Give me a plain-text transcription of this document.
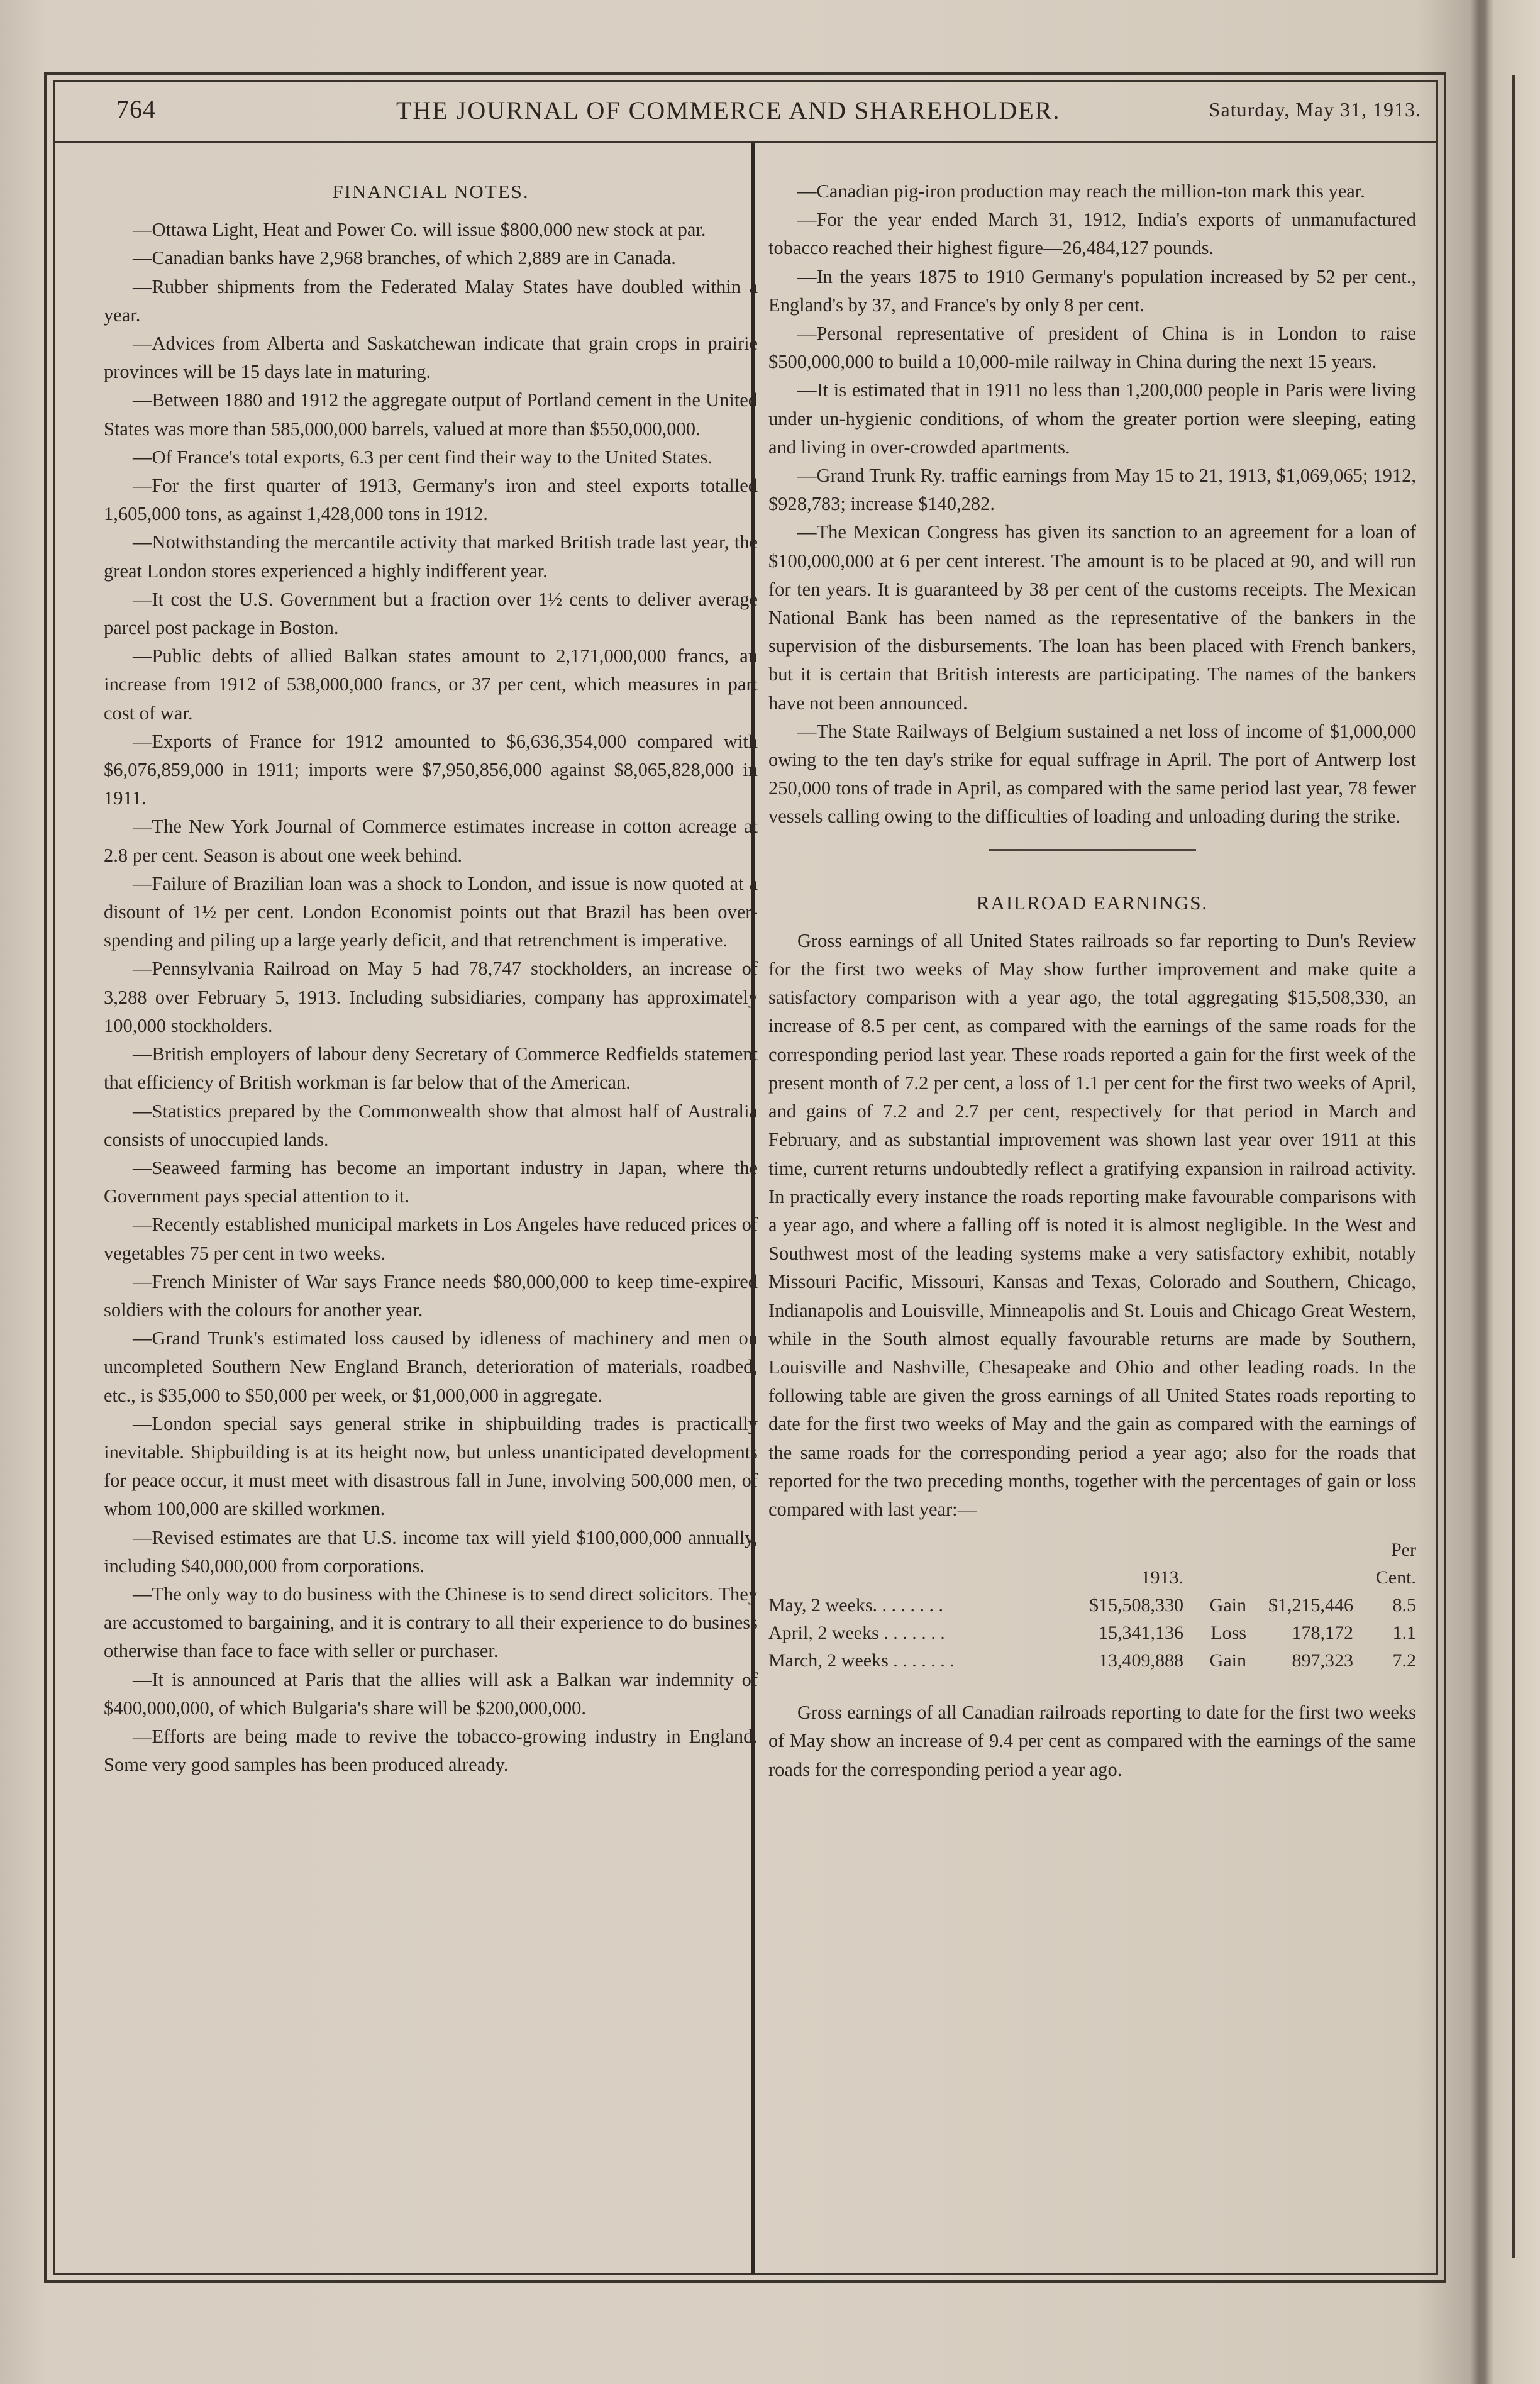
764	THE JOURNAL OF COMMERCE AND SHAREHOLDER.	Saturday, May 31, 1913.
FINANCIAL NOTES.

—Ottawa Light, Heat and Power Co. will issue $800,000 new stock at par.

—Canadian banks have 2,968 branches, of which 2,889 are in Canada.

—Rubber shipments from the Federated Malay States have doubled within a year.

—Advices from Alberta and Saskatchewan indicate that grain crops in prairie provinces will be 15 days late in maturing.

—Between 1880 and 1912 the aggregate output of Portland cement in the United States was more than 585,000,000 barrels, valued at more than $550,000,000.

—Of France's total exports, 6.3 per cent find their way to the United States.

—For the first quarter of 1913, Germany's iron and steel exports totalled 1,605,000 tons, as against 1,428,000 tons in 1912.

—Notwithstanding the mercantile activity that marked British trade last year, the great London stores experienced a highly indifferent year.

—It cost the U.S. Government but a fraction over 1½ cents to deliver average parcel post package in Boston.

—Public debts of allied Balkan states amount to 2,171,000,000 francs, an increase from 1912 of 538,000,000 francs, or 37 per cent, which measures in part cost of war.

—Exports of France for 1912 amounted to $6,636,354,000 compared with $6,076,859,000 in 1911; imports were $7,950,856,000 against $8,065,828,000 in 1911.

—The New York Journal of Commerce estimates increase in cotton acreage at 2.8 per cent. Season is about one week behind.

—Failure of Brazilian loan was a shock to London, and issue is now quoted at a disount of 1½ per cent. London Economist points out that Brazil has been over-spending and piling up a large yearly deficit, and that retrenchment is imperative.

—Pennsylvania Railroad on May 5 had 78,747 stockholders, an increase of 3,288 over February 5, 1913. Including subsidiaries, company has approximately 100,000 stockholders.

—British employers of labour deny Secretary of Commerce Redfields statement that efficiency of British workman is far below that of the American.

—Statistics prepared by the Commonwealth show that almost half of Australia consists of unoccupied lands.

—Seaweed farming has become an important industry in Japan, where the Government pays special attention to it.

—Recently established municipal markets in Los Angeles have reduced prices of vegetables 75 per cent in two weeks.

—French Minister of War says France needs $80,000,000 to keep time-expired soldiers with the colours for another year.

—Grand Trunk's estimated loss caused by idleness of machinery and men on uncompleted Southern New England Branch, deterioration of materials, roadbed, etc., is $35,000 to $50,000 per week, or $1,000,000 in aggregate.

—London special says general strike in shipbuilding trades is practically inevitable. Shipbuilding is at its height now, but unless unanticipated developments for peace occur, it must meet with disastrous fall in June, involving 500,000 men, of whom 100,000 are skilled workmen.

—Revised estimates are that U.S. income tax will yield $100,000,000 annually, including $40,000,000 from corporations.

—The only way to do business with the Chinese is to send direct solicitors. They are accustomed to bargaining, and it is contrary to all their experience to do business otherwise than face to face with seller or purchaser.

—It is announced at Paris that the allies will ask a Balkan war indemnity of $400,000,000, of which Bulgaria's share will be $200,000,000.

—Efforts are being made to revive the tobacco-growing industry in England. Some very good samples has been produced already.

—Canadian pig-iron production may reach the million-ton mark this year.

—For the year ended March 31, 1912, India's exports of unmanufactured tobacco reached their highest figure—26,484,127 pounds.

—In the years 1875 to 1910 Germany's population increased by 52 per cent., England's by 37, and France's by only 8 per cent.

—Personal representative of president of China is in London to raise $500,000,000 to build a 10,000-mile railway in China during the next 15 years.

—It is estimated that in 1911 no less than 1,200,000 people in Paris were living under un-hygienic conditions, of whom the greater portion were sleeping, eating and living in over-crowded apartments.

—Grand Trunk Ry. traffic earnings from May 15 to 21, 1913, $1,069,065; 1912, $928,783; increase $140,282.

—The Mexican Congress has given its sanction to an agreement for a loan of $100,000,000 at 6 per cent interest. The amount is to be placed at 90, and will run for ten years. It is guaranteed by 38 per cent of the customs receipts. The Mexican National Bank has been named as the representative of the bankers in the supervision of the disbursements. The loan has been placed with French bankers, but it is certain that British interests are participating. The names of the bankers have not been announced.

—The State Railways of Belgium sustained a net loss of income of $1,000,000 owing to the ten day's strike for equal suffrage in April. The port of Antwerp lost 250,000 tons of trade in April, as compared with the same period last year, 78 fewer vessels calling owing to the difficulties of loading and unloading during the strike.

RAILROAD EARNINGS.

Gross earnings of all United States railroads so far reporting to Dun's Review for the first two weeks of May show further improvement and make quite a satisfactory comparison with a year ago, the total aggregating $15,508,330, an increase of 8.5 per cent, as compared with the earnings of the same roads for the corresponding period last year. These roads reported a gain for the first week of the present month of 7.2 per cent, a loss of 1.1 per cent for the first two weeks of April, and gains of 7.2 and 2.7 per cent, respectively for that period in March and February, and as substantial improvement was shown last year over 1911 at this time, current returns undoubtedly reflect a gratifying expansion in railroad activity. In practically every instance the roads reporting make favourable comparisons with a year ago, and where a falling off is noted it is almost negligible. In the West and Southwest most of the leading systems make a very satisfactory exhibit, notably Missouri Pacific, Missouri, Kansas and Texas, Colorado and Southern, Chicago, Indianapolis and Louisville, Minneapolis and St. Louis and Chicago Great Western, while in the South almost equally favourable returns are made by Southern, Louisville and Nashville, Chesapeake and Ohio and other leading roads. In the following table are given the gross earnings of all United States roads reporting to date for the first two weeks of May and the gain as compared with the earnings of the same roads for the corresponding period a year ago; also for the roads that reported for the two preceding months, together with the percentages of gain or loss compared with last year:—

				Per
	1913.			Cent.
May, 2 weeks. . . . . . . .	$15,508,330	Gain	$1,215,446	8.5
April, 2 weeks . . . . . . .	15,341,136	Loss	178,172	1.1
March, 2 weeks . . . . . . .	13,409,888	Gain	897,323	7.2

Gross earnings of all Canadian railroads reporting to date for the first two weeks of May show an increase of 9.4 per cent as compared with the earnings of the same roads for the corresponding period a year ago.
